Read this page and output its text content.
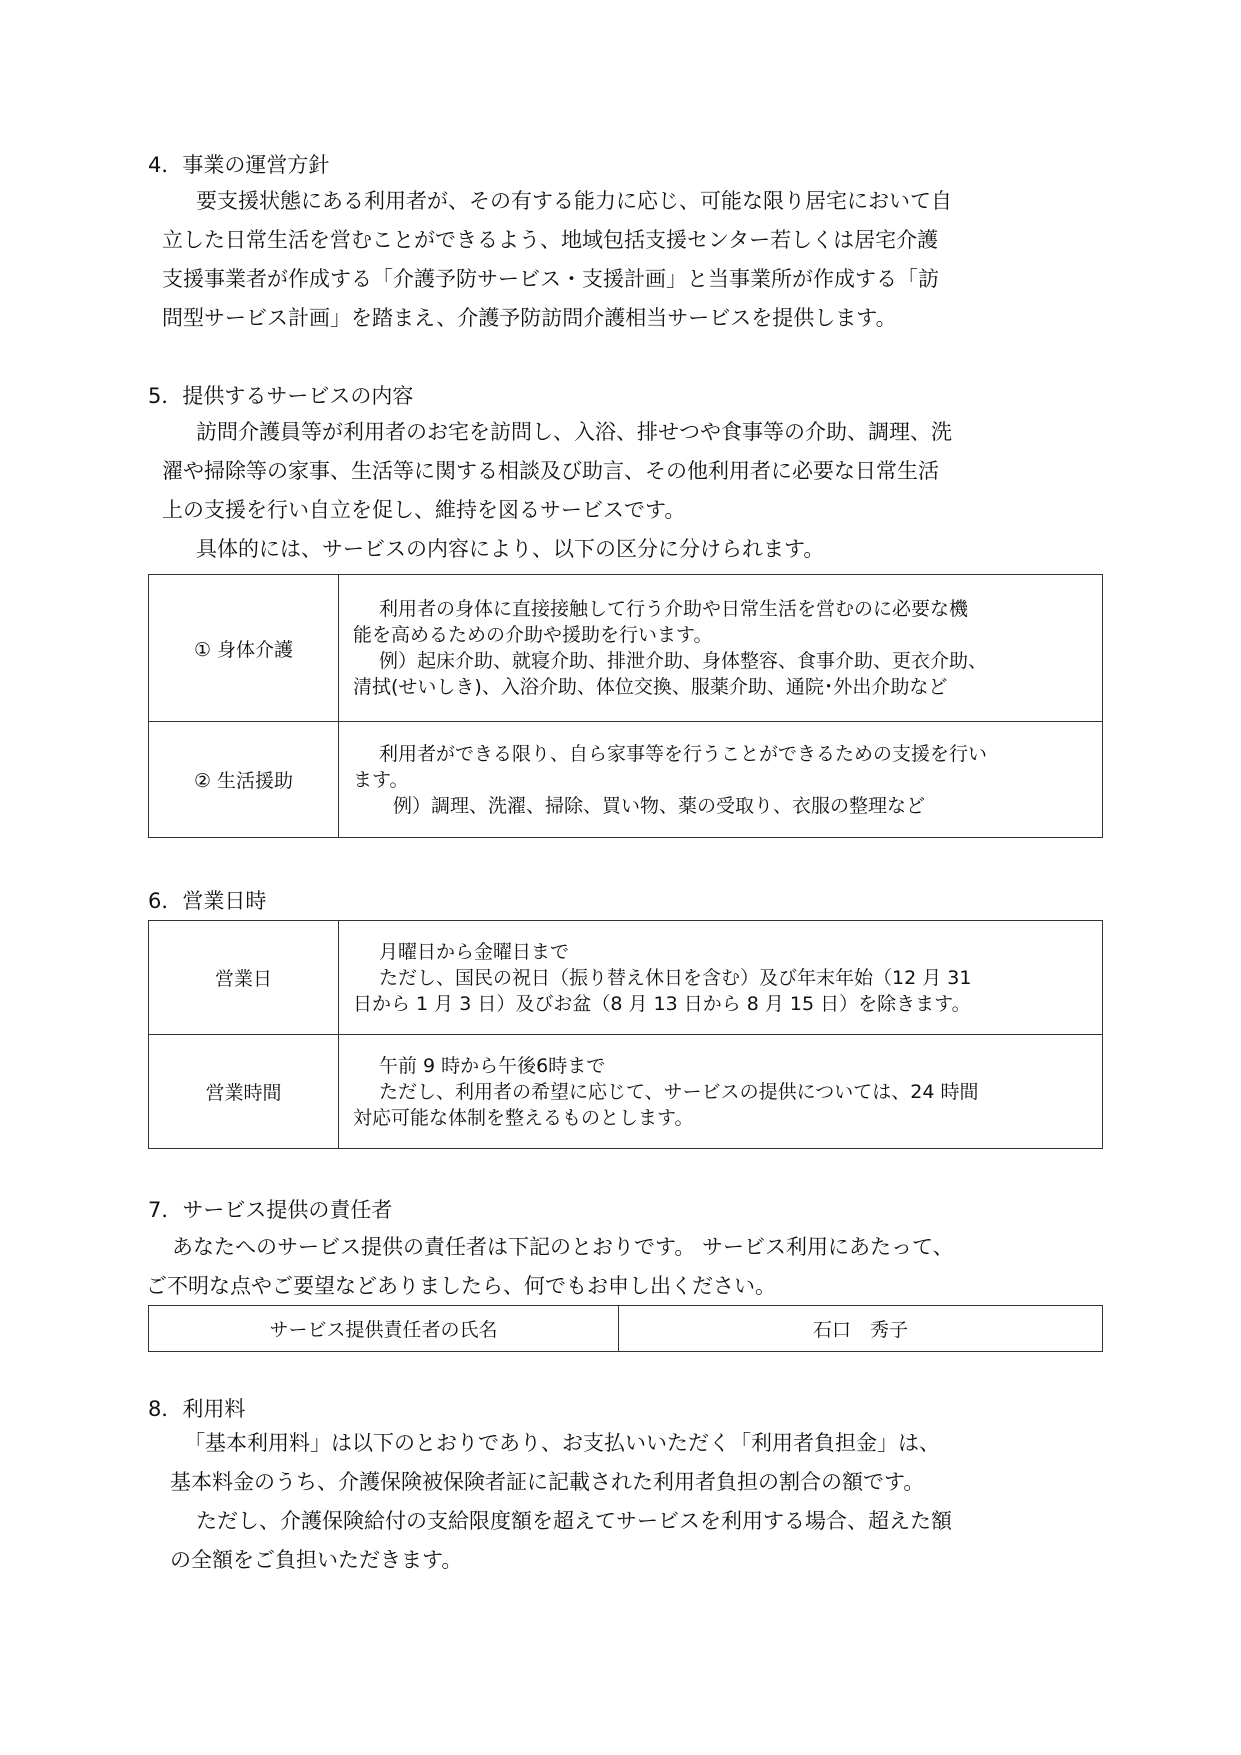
4．事業の運営方針
要支援状態にある利用者が、その有する能力に応じ、可能な限り居宅において自
立した日常生活を営むことができるよう、地域包括支援センター若しくは居宅介護
支援事業者が作成する「介護予防サービス・支援計画」と当事業所が作成する「訪
問型サービス計画」を踏まえ、介護予防訪問介護相当サービスを提供します。
5．提供するサービスの内容
訪問介護員等が利用者のお宅を訪問し、入浴、排せつや食事等の介助、調理、洗
濯や掃除等の家事、生活等に関する相談及び助言、その他利用者に必要な日常生活
上の支援を行い自立を促し、維持を図るサービスです。
具体的には、サービスの内容により、以下の区分に分けられます。
① 身体介護	利用者の身体に直接接触して行う介助や日常生活を営むのに必要な機
能を高めるための介助や援助を行います。
例）起床介助、就寝介助、排泄介助、身体整容、食事介助、更衣介助、
清拭(せいしき)、入浴介助、体位交換、服薬介助、通院･外出介助など

② 生活援助	利用者ができる限り、自ら家事等を行うことができるための支援を行い
ます。
例）調理、洗濯、掃除、買い物、薬の受取り、衣服の整理など
6．営業日時
営業日	月曜日から金曜日まで
ただし、国民の祝日（振り替え休日を含む）及び年末年始（12 月 31
日から 1 月 3 日）及びお盆（8 月 13 日から 8 月 15 日）を除きます。

営業時間	午前 9 時から午後6時まで
ただし、利用者の希望に応じて、サービスの提供については、24 時間
対応可能な体制を整えるものとします。
7．サービス提供の責任者
あなたへのサービス提供の責任者は下記のとおりです。 サービス利用にあたって、
ご不明な点やご要望などありましたら、何でもお申し出ください。
サービス提供責任者の氏名	石口　秀子
8．利用料
「基本利用料」は以下のとおりであり、お支払いいただく「利用者負担金」は、
基本料金のうち、介護保険被保険者証に記載された利用者負担の割合の額です。
ただし、介護保険給付の支給限度額を超えてサービスを利用する場合、超えた額
の全額をご負担いただきます。
